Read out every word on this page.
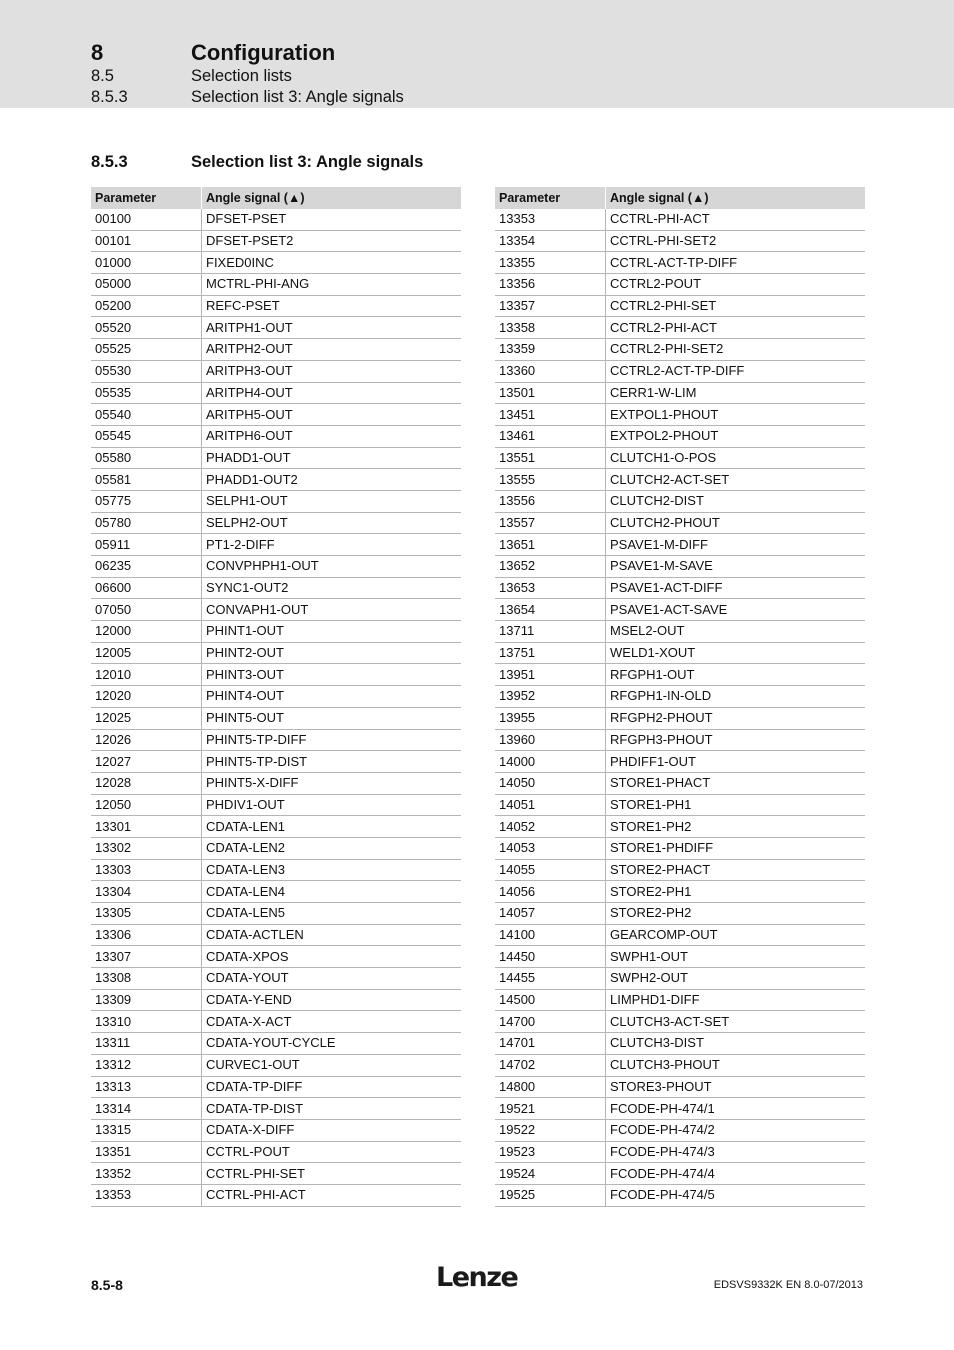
8	Configuration
8.5	Selection lists
8.5.3	Selection list 3: Angle signals
8.5.3	Selection list 3: Angle signals
Parameter	Angle signal (▲)
00100	DFSET-PSET
00101	DFSET-PSET2
01000	FIXED0INC
05000	MCTRL-PHI-ANG
05200	REFC-PSET
05520	ARITPH1-OUT
05525	ARITPH2-OUT
05530	ARITPH3-OUT
05535	ARITPH4-OUT
05540	ARITPH5-OUT
05545	ARITPH6-OUT
05580	PHADD1-OUT
05581	PHADD1-OUT2
05775	SELPH1-OUT
05780	SELPH2-OUT
05911	PT1-2-DIFF
06235	CONVPHPH1-OUT
06600	SYNC1-OUT2
07050	CONVAPH1-OUT
12000	PHINT1-OUT
12005	PHINT2-OUT
12010	PHINT3-OUT
12020	PHINT4-OUT
12025	PHINT5-OUT
12026	PHINT5-TP-DIFF
12027	PHINT5-TP-DIST
12028	PHINT5-X-DIFF
12050	PHDIV1-OUT
13301	CDATA-LEN1
13302	CDATA-LEN2
13303	CDATA-LEN3
13304	CDATA-LEN4
13305	CDATA-LEN5
13306	CDATA-ACTLEN
13307	CDATA-XPOS
13308	CDATA-YOUT
13309	CDATA-Y-END
13310	CDATA-X-ACT
13311	CDATA-YOUT-CYCLE
13312	CURVEC1-OUT
13313	CDATA-TP-DIFF
13314	CDATA-TP-DIST
13315	CDATA-X-DIFF
13351	CCTRL-POUT
13352	CCTRL-PHI-SET
13353	CCTRL-PHI-ACT
Parameter	Angle signal (▲)
13353	CCTRL-PHI-ACT
13354	CCTRL-PHI-SET2
13355	CCTRL-ACT-TP-DIFF
13356	CCTRL2-POUT
13357	CCTRL2-PHI-SET
13358	CCTRL2-PHI-ACT
13359	CCTRL2-PHI-SET2
13360	CCTRL2-ACT-TP-DIFF
13501	CERR1-W-LIM
13451	EXTPOL1-PHOUT
13461	EXTPOL2-PHOUT
13551	CLUTCH1-O-POS
13555	CLUTCH2-ACT-SET
13556	CLUTCH2-DIST
13557	CLUTCH2-PHOUT
13651	PSAVE1-M-DIFF
13652	PSAVE1-M-SAVE
13653	PSAVE1-ACT-DIFF
13654	PSAVE1-ACT-SAVE
13711	MSEL2-OUT
13751	WELD1-XOUT
13951	RFGPH1-OUT
13952	RFGPH1-IN-OLD
13955	RFGPH2-PHOUT
13960	RFGPH3-PHOUT
14000	PHDIFF1-OUT
14050	STORE1-PHACT
14051	STORE1-PH1
14052	STORE1-PH2
14053	STORE1-PHDIFF
14055	STORE2-PHACT
14056	STORE2-PH1
14057	STORE2-PH2
14100	GEARCOMP-OUT
14450	SWPH1-OUT
14455	SWPH2-OUT
14500	LIMPHD1-DIFF
14700	CLUTCH3-ACT-SET
14701	CLUTCH3-DIST
14702	CLUTCH3-PHOUT
14800	STORE3-PHOUT
19521	FCODE-PH-474/1
19522	FCODE-PH-474/2
19523	FCODE-PH-474/3
19524	FCODE-PH-474/4
19525	FCODE-PH-474/5
8.5-8	Lenze	EDSVS9332K EN 8.0-07/2013
